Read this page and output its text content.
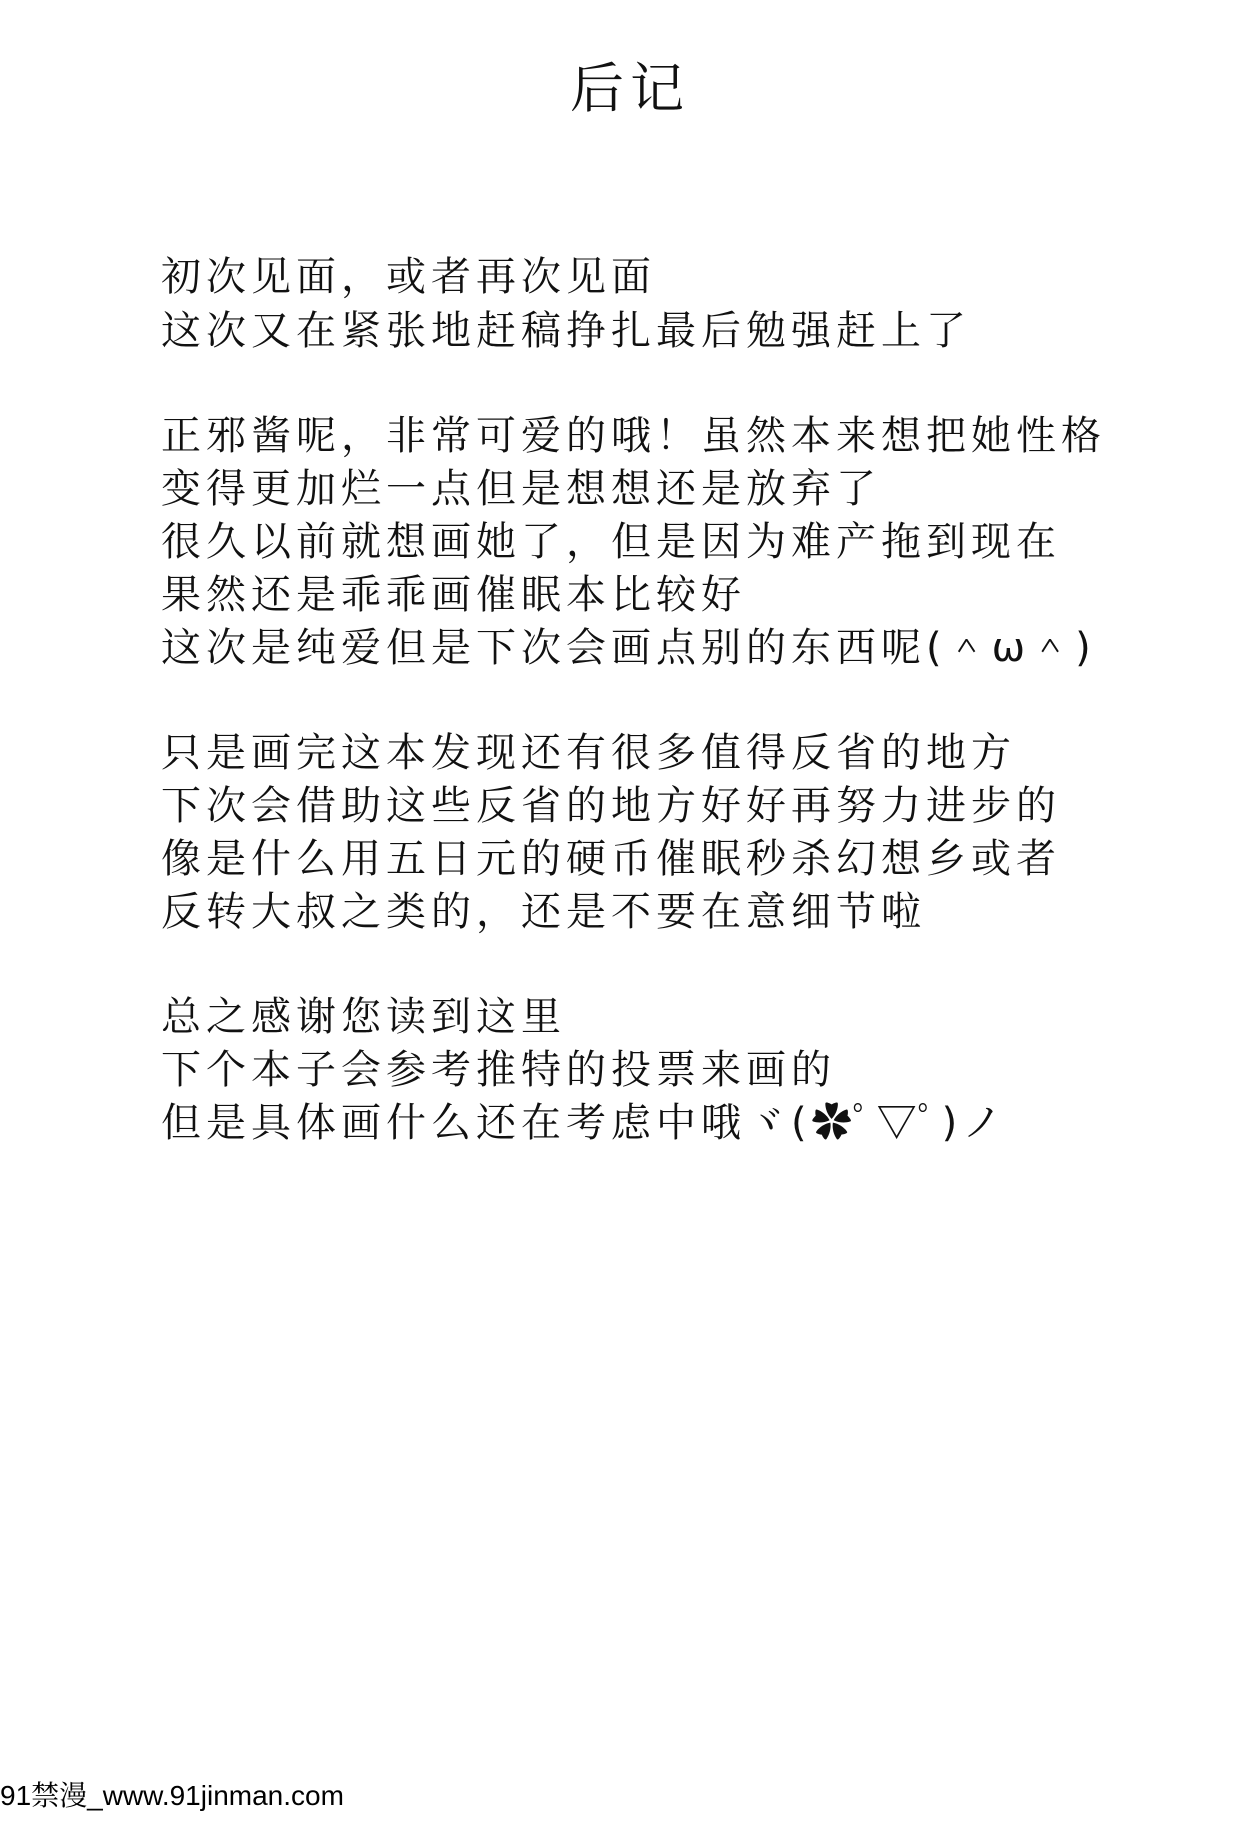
后记
初次见面，或者再次见面
这次又在紧张地赶稿挣扎最后勉强赶上了
正邪酱呢，非常可爱的哦！虽然本来想把她性格
变得更加烂一点但是想想还是放弃了
很久以前就想画她了，但是因为难产拖到现在
果然还是乖乖画催眠本比较好
这次是纯爱但是下次会画点别的东西呢(＾ω＾)
只是画完这本发现还有很多值得反省的地方
下次会借助这些反省的地方好好再努力进步的
像是什么用五日元的硬币催眠秒杀幻想乡或者
反转大叔之类的，还是不要在意细节啦
总之感谢您读到这里
下个本子会参考推特的投票来画的
但是具体画什么还在考虑中哦ヾ(✿ﾟ▽ﾟ)ノ
91禁漫_www.91jinman.com
